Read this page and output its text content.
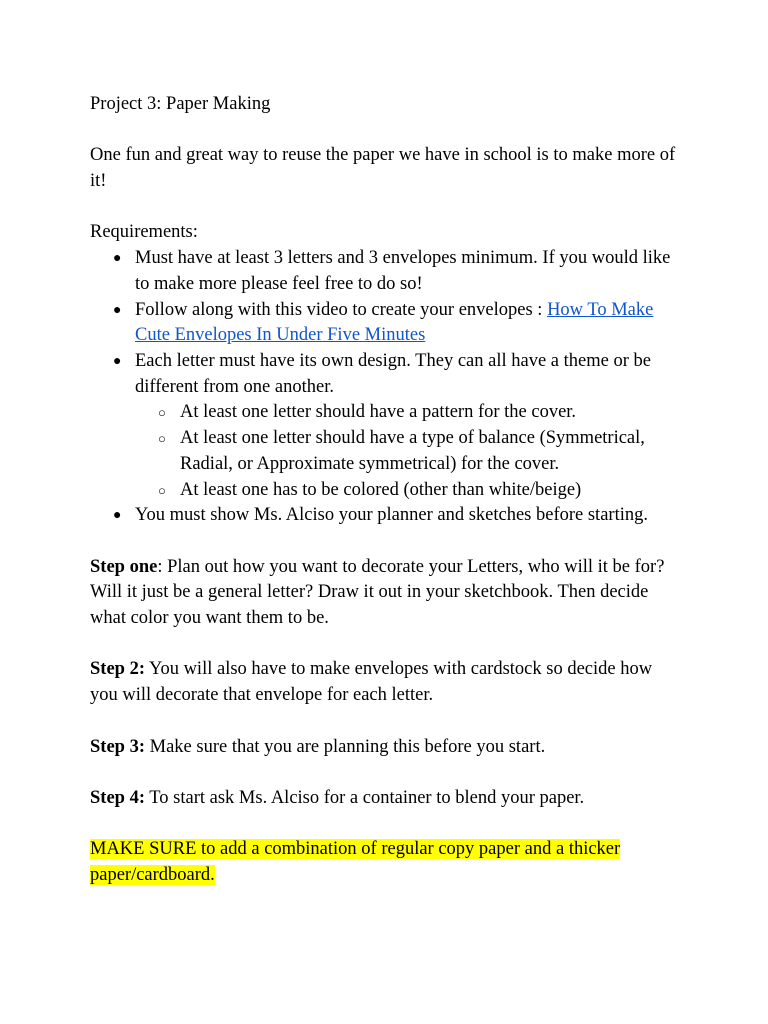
Project 3: Paper Making

One fun and great way to reuse the paper we have in school is to make more of it!

Requirements:

● Must have at least 3 letters and 3 envelopes minimum. If you would like to make more please feel free to do so!
● Follow along with this video to create your envelopes : How To Make Cute Envelopes In Under Five Minutes
● Each letter must have its own design. They can all have a theme or be different from one another.
○ At least one letter should have a pattern for the cover.
○ At least one letter should have a type of balance (Symmetrical, Radial, or Approximate symmetrical) for the cover.
○ At least one has to be colored (other than white/beige)
● You must show Ms. Alciso your planner and sketches before starting.

Step one: Plan out how you want to decorate your Letters, who will it be for? Will it just be a general letter? Draw it out in your sketchbook. Then decide what color you want them to be.

Step 2: You will also have to make envelopes with cardstock so decide how you will decorate that envelope for each letter.

Step 3: Make sure that you are planning this before you start.

Step 4: To start ask Ms. Alciso for a container to blend your paper.

MAKE SURE to add a combination of regular copy paper and a thicker paper/cardboard.
